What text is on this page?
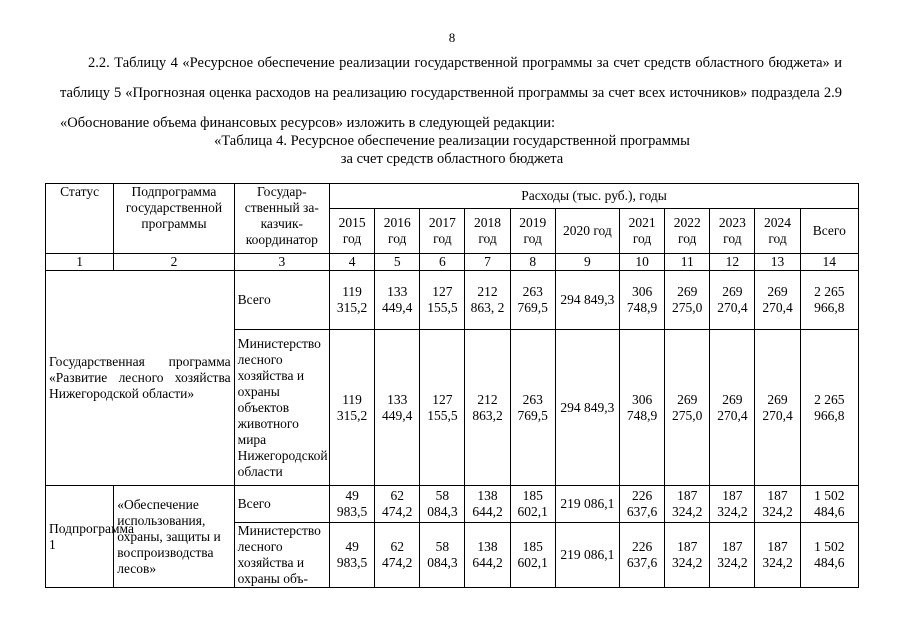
8
2.2. Таблицу 4 «Ресурсное обеспечение реализации государственной программы за счет средств областного бюджета» и таблицу 5 «Прогнозная оценка расходов на реализацию государственной программы за счет всех источников» подраздела 2.9 «Обоснование объема финансовых ресурсов» изложить в следующей редакции:
«Таблица 4. Ресурсное обеспечение реализации государственной программы
за счет средств областного бюджета
Статус	Подпрограмма государственной программы	Государ-ственный за-казчик-координатор	Расходы (тыс. руб.), годы										
			2015 год	2016 год	2017 год	2018 год	2019 год	2020 год	2021 год	2022 год	2023 год	2024 год	Всего
1	2	3	4	5	6	7	8	9	10	11	12	13	14
Государственная программа «Развитие лесного хозяйства Нижегородской области»		Всего	119 315,2	133 449,4	127 155,5	212 863, 2	263 769,5	294 849,3	306 748,9	269 275,0	269 270,4	269 270,4	2 265 966,8
		Министерство лесного хозяйства и охраны объектов животного мира Нижегородской области	119 315,2	133 449,4	127 155,5	212 863,2	263 769,5	294 849,3	306 748,9	269 275,0	269 270,4	269 270,4	2 265 966,8
Подпрограмма 1	«Обеспечение использования, охраны, защиты и воспроизводства лесов»	Всего	49 983,5	62 474,2	58 084,3	138 644,2	185 602,1	219 086,1	226 637,6	187 324,2	187 324,2	187 324,2	1 502 484,6
		Министерство лесного хозяйства и охраны объ-	49 983,5	62 474,2	58 084,3	138 644,2	185 602,1	219 086,1	226 637,6	187 324,2	187 324,2	187 324,2	1 502 484,6
